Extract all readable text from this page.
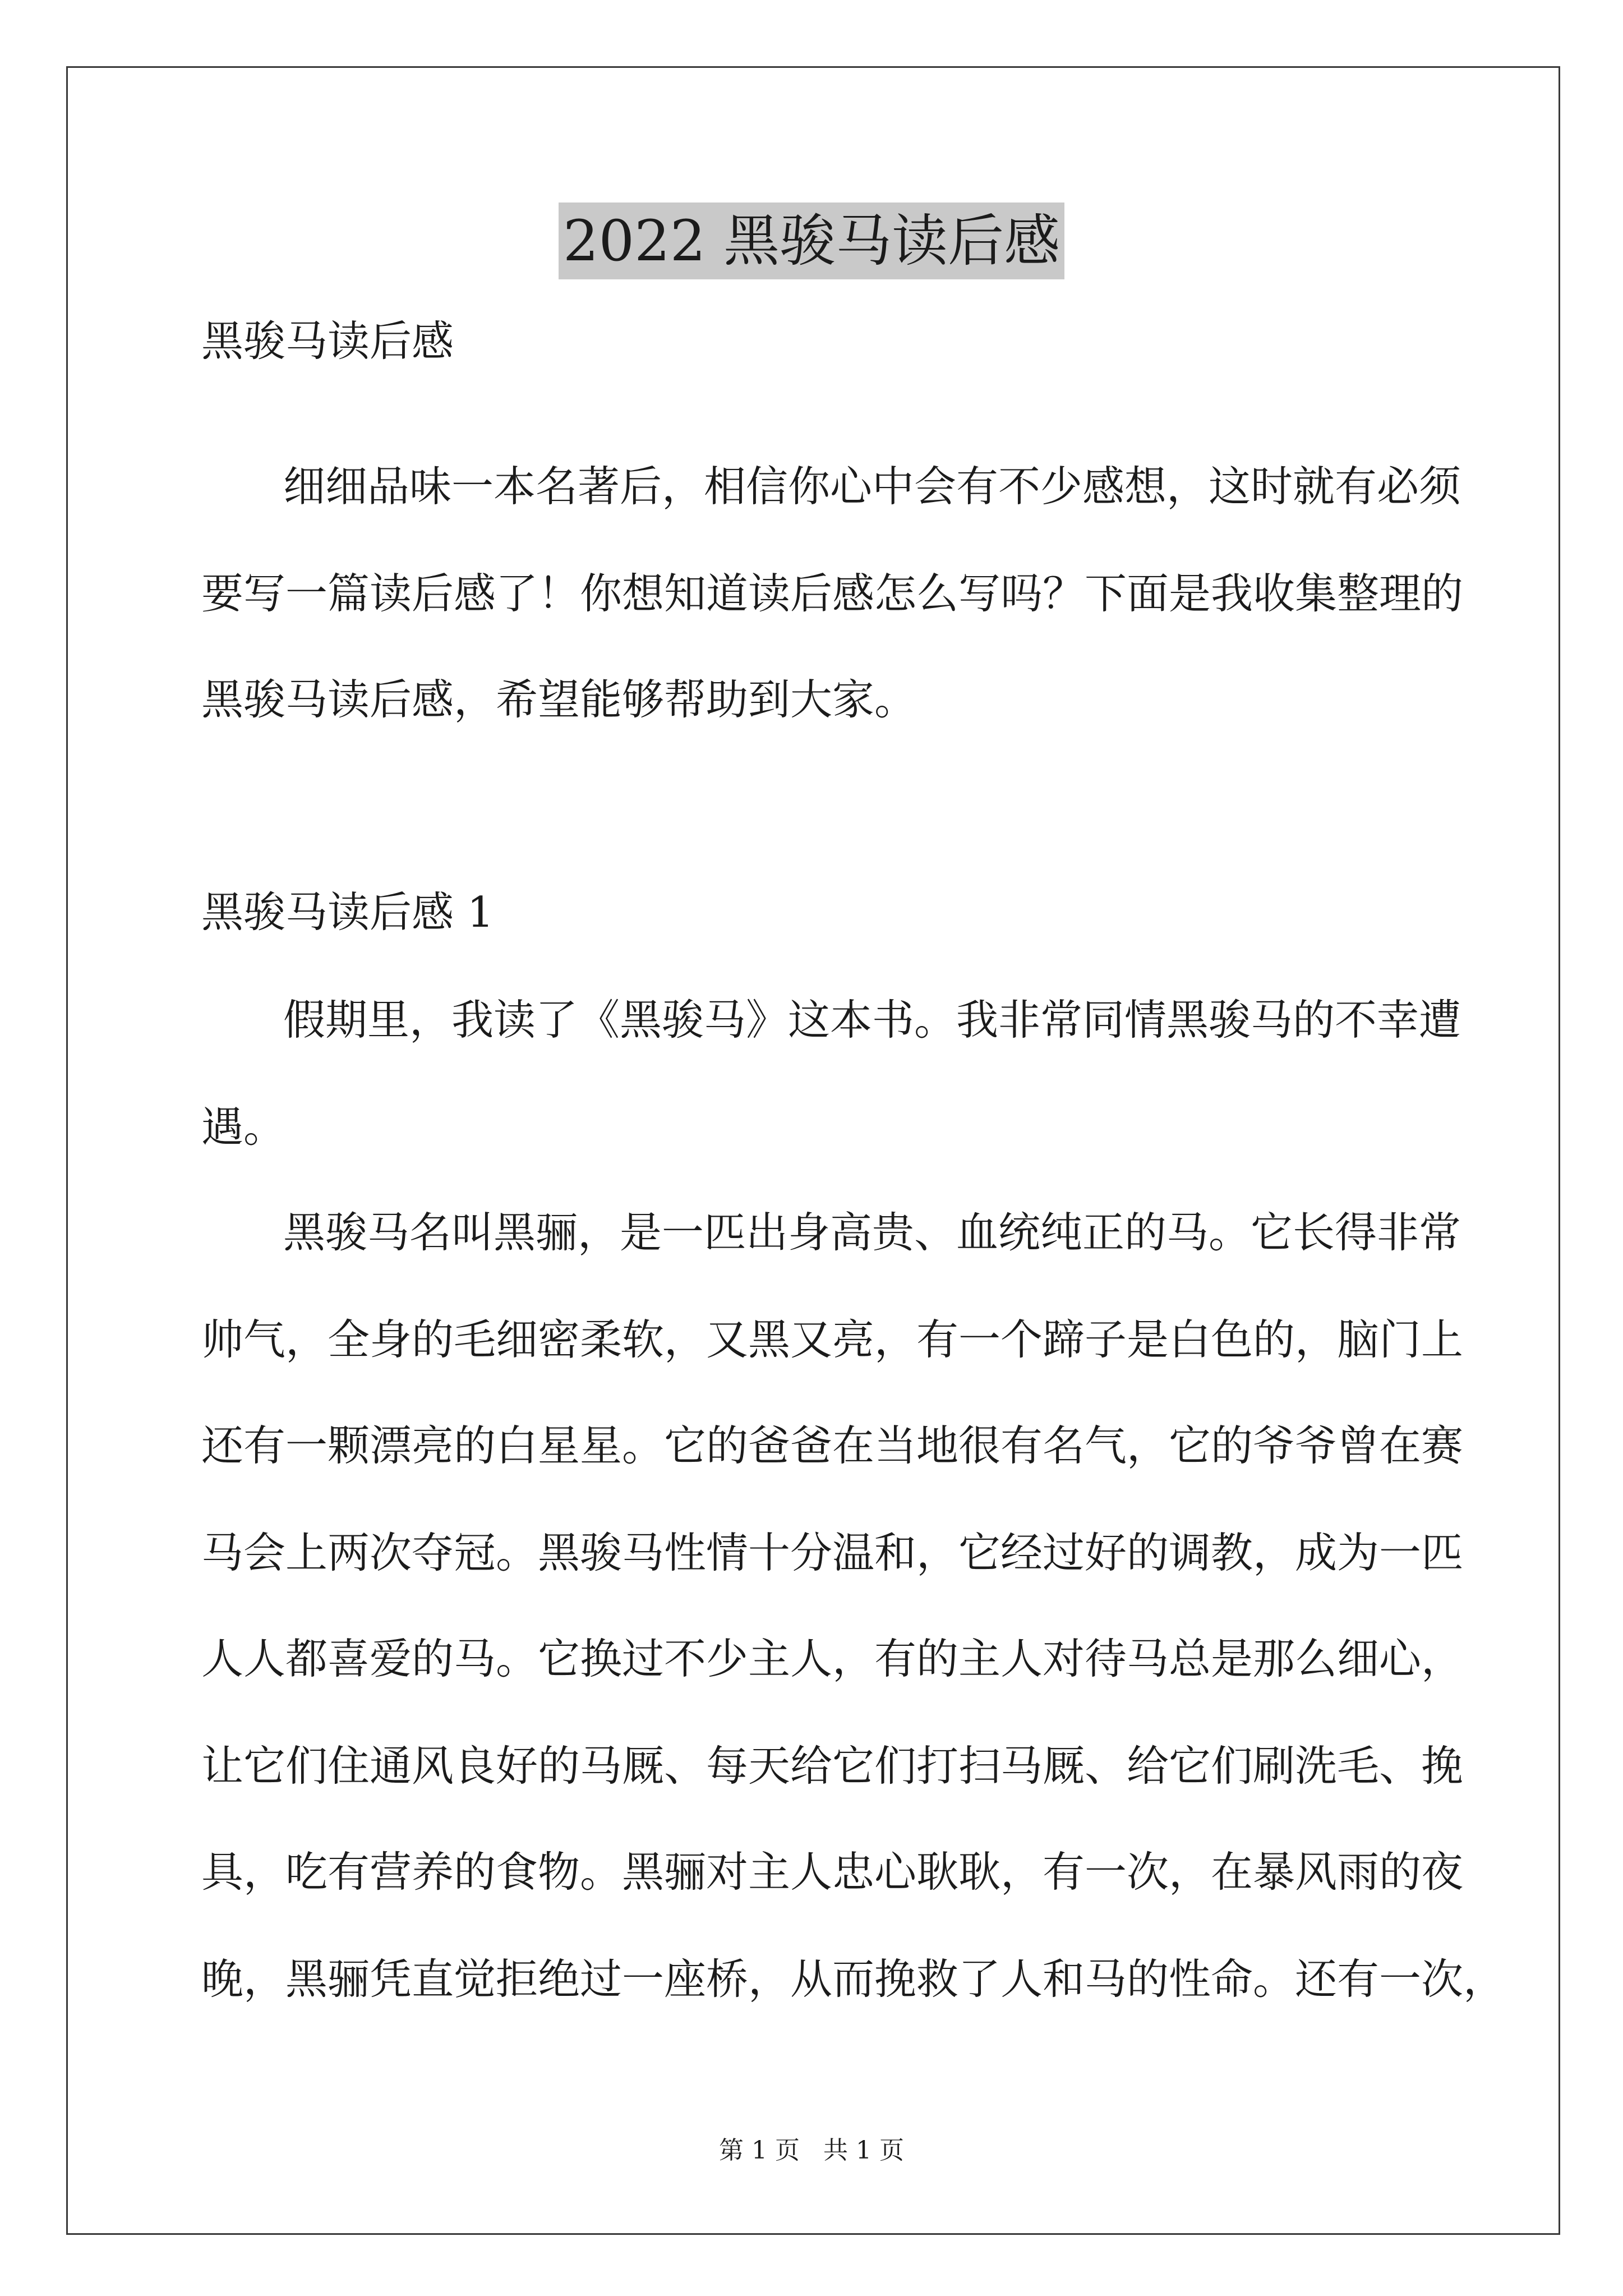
2022 黑骏马读后感
黑骏马读后感
细细品味一本名著后，相信你心中会有不少感想，这时就有必须
要写一篇读后感了！你想知道读后感怎么写吗？下面是我收集整理的
黑骏马读后感，希望能够帮助到大家。
黑骏马读后感 1
假期里，我读了《黑骏马》这本书。我非常同情黑骏马的不幸遭
遇。
黑骏马名叫黑骊，是一匹出身高贵、血统纯正的马。它长得非常
帅气，全身的毛细密柔软，又黑又亮，有一个蹄子是白色的，脑门上
还有一颗漂亮的白星星。它的爸爸在当地很有名气，它的爷爷曾在赛
马会上两次夺冠。黑骏马性情十分温和，它经过好的调教，成为一匹
人人都喜爱的马。它换过不少主人，有的主人对待马总是那么细心，
让它们住通风良好的马厩、每天给它们打扫马厩、给它们刷洗毛、挽
具，吃有营养的食物。黑骊对主人忠心耿耿，有一次，在暴风雨的夜
晚，黑骊凭直觉拒绝过一座桥，从而挽救了人和马的性命。还有一次，
第 1 页   共 1 页
